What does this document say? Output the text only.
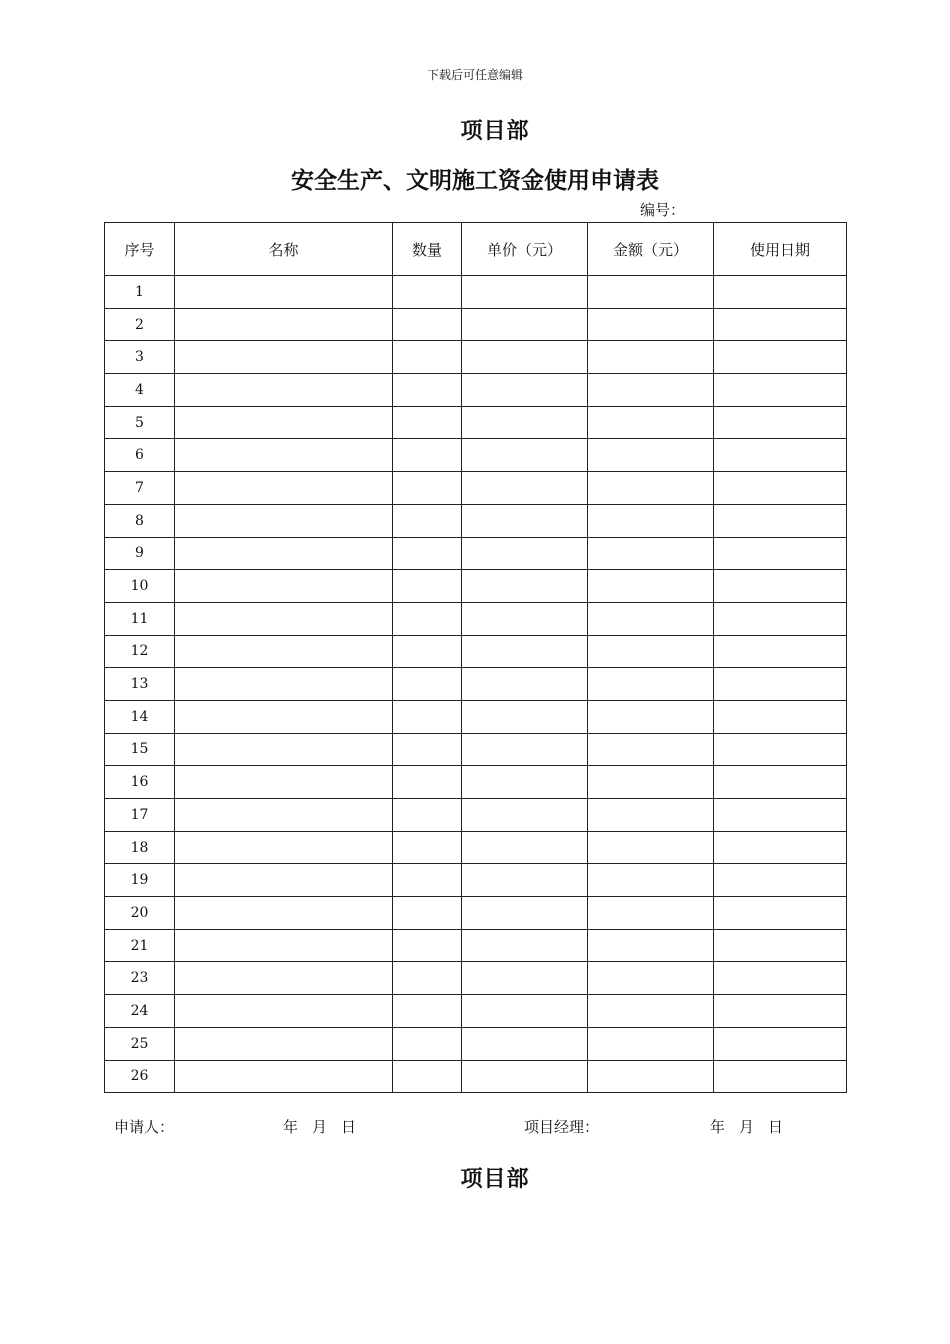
下载后可任意编辑
项目部
安全生产、文明施工资金使用申请表
编号：
序号	名称	数量	单价（元）	金额（元）	使用日期
1					
2					
3					
4					
5					
6					
7					
8					
9					
10					
11					
12					
13					
14					
15					
16					
17					
18					
19					
20					
21					
23					
24					
25					
26					
申请人：	年 月 日	项目经理：	年 月 日
项目部
